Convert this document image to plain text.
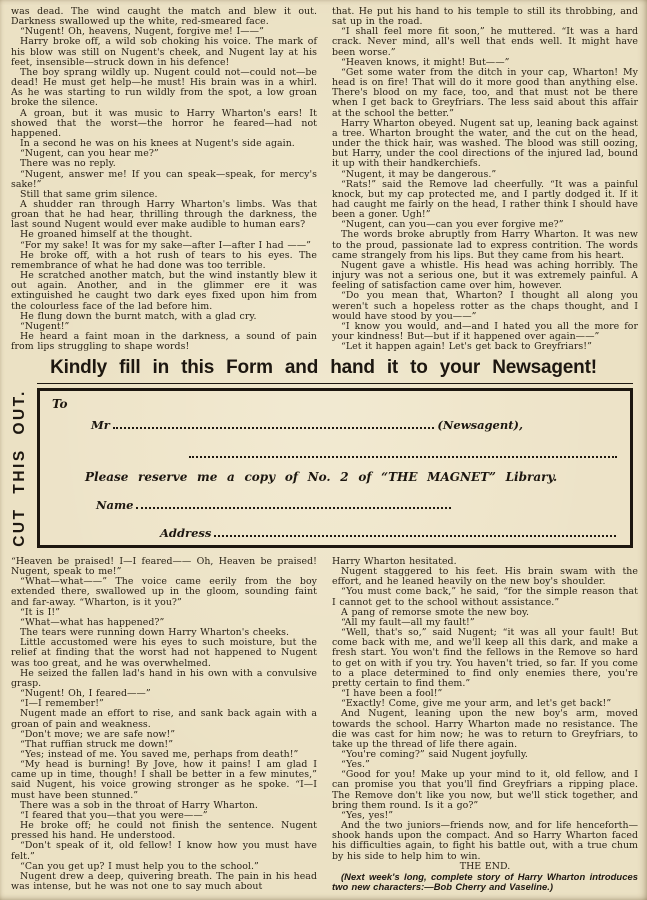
was dead. The wind caught the match and blew it out. Darkness swallowed up the white, red-smeared face.

“Nugent! Oh, heavens, Nugent, forgive me! I——”

Harry broke off, a wild sob choking his voice. The mark of his blow was still on Nugent's cheek, and Nugent lay at his feet, insensible—struck down in his defence!

The boy sprang wildly up. Nugent could not—could not—be dead! He must get help—he must! His brain was in a whirl. As he was starting to run wildly from the spot, a low groan broke the silence.

A groan, but it was music to Harry Wharton's ears! It showed that the worst—the horror he feared—had not happened.

In a second he was on his knees at Nugent's side again.

“Nugent, can you hear me?”

There was no reply.

“Nugent, answer me! If you can speak—speak, for mercy's sake!”

Still that same grim silence.

A shudder ran through Harry Wharton's limbs. Was that groan that he had hear, thrilling through the darkness, the last sound Nugent would ever make audible to human ears?

He groaned himself at the thought.

“For my sake! It was for my sake—after I—after I had ——”

He broke off, with a hot rush of tears to his eyes. The remembrance of what he had done was too terrible.

He scratched another match, but the wind instantly blew it out again. Another, and in the glimmer ere it was extinguished he caught two dark eyes fixed upon him from the colourless face of the lad before him.

He flung down the burnt match, with a glad cry.

“Nugent!”

He heard a faint moan in the darkness, a sound of pain from lips struggling to shape words!

that. He put his hand to his temple to still its throbbing, and sat up in the road.

“I shall feel more fit soon,” he muttered. “It was a hard crack. Never mind, all's well that ends well. It might have been worse.”

“Heaven knows, it might! But——”

“Get some water from the ditch in your cap, Wharton! My head is on fire! That will do it more good than anything else. There's blood on my face, too, and that must not be there when I get back to Greyfriars. The less said about this affair at the school the better.”

Harry Wharton obeyed. Nugent sat up, leaning back against a tree. Wharton brought the water, and the cut on the head, under the thick hair, was washed. The blood was still oozing, but Harry, under the cool directions of the injured lad, bound it up with their handkerchiefs.

“Nugent, it may be dangerous.”

“Rats!” said the Remove lad cheerfully. “It was a painful knock, but my cap protected me, and I partly dodged it. If it had caught me fairly on the head, I rather think I should have been a goner. Ugh!”

“Nugent, can you—can you ever forgive me?”

The words broke abruptly from Harry Wharton. It was new to the proud, passionate lad to express contrition. The words came strangely from his lips. But they came from his heart.

Nugent gave a whistle. His head was aching horribly. The injury was not a serious one, but it was extremely painful. A feeling of satisfaction came over him, however.

“Do you mean that, Wharton? I thought all along you weren't such a hopeless rotter as the chaps thought, and I would have stood by you——”

“I know you would, and—and I hated you all the more for your kindness! But—but if it happened over again——”

“Let it happen again! Let's get back to Greyfriars!”

Kindly fill in this Form and hand it to your Newsagent!
CUT THIS OUT. To
Mr	(Newsagent),
Please reserve me a copy of No. 2 of “THE MAGNET” Library.
Name
Address

“Heaven be praised! I—I feared—— Oh, Heaven be praised! Nugent, speak to me!”

“What—what——” The voice came eerily from the boy extended there, swallowed up in the gloom, sounding faint and far-away. “Wharton, is it you?”

“It is I!”

“What—what has happened?”

The tears were running down Harry Wharton's cheeks.

Little accustomed were his eyes to such moisture, but the relief at finding that the worst had not happened to Nugent was too great, and he was overwhelmed.

He seized the fallen lad's hand in his own with a convulsive grasp.

“Nugent! Oh, I feared——”

“I—I remember!”

Nugent made an effort to rise, and sank back again with a groan of pain and weakness.

“Don't move; we are safe now!”

“That ruffian struck me down!”

“Yes; instead of me. You saved me, perhaps from death!”

“My head is burning! By Jove, how it pains! I am glad I came up in time, though! I shall be better in a few minutes,” said Nugent, his voice growing stronger as he spoke. “I—I must have been stunned.”

There was a sob in the throat of Harry Wharton.

“I feared that you—that you were——”

He broke off; he could not finish the sentence. Nugent pressed his hand. He understood.

“Don't speak of it, old fellow! I know how you must have felt.”

“Can you get up? I must help you to the school.”

Nugent drew a deep, quivering breath. The pain in his head was intense, but he was not one to say much about

Harry Wharton hesitated.

Nugent staggered to his feet. His brain swam with the effort, and he leaned heavily on the new boy's shoulder.

“You must come back,” he said, “for the simple reason that I cannot get to the school without assistance.”

A pang of remorse smote the new boy.

“All my fault—all my fault!”

“Well, that's so,” said Nugent; “it was all your fault! But come back with me, and we'll keep all this dark, and make a fresh start. You won't find the fellows in the Remove so hard to get on with if you try. You haven't tried, so far. If you come to a place determined to find only enemies there, you're pretty certain to find them.”

“I have been a fool!”

“Exactly! Come, give me your arm, and let's get back!”

And Nugent, leaning upon the new boy's arm, moved towards the school. Harry Wharton made no resistance. The die was cast for him now; he was to return to Greyfriars, to take up the thread of life there again.

“You're coming?” said Nugent joyfully.

“Yes.”

“Good for you! Make up your mind to it, old fellow, and I can promise you that you'll find Greyfriars a ripping place. The Remove don't like you now, but we'll stick together, and bring them round. Is it a go?”

“Yes, yes!”

And the two juniors—friends now, and for life henceforth—shook hands upon the compact. And so Harry Wharton faced his difficulties again, to fight his battle out, with a true chum by his side to help him to win.

THE END.

(Next week's long, complete story of Harry Wharton introduces two new characters:—Bob Cherry and Vaseline.)
